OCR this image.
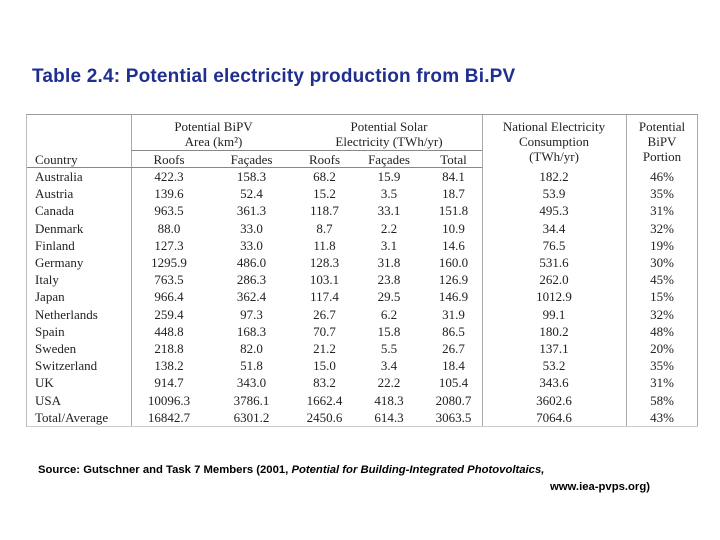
Table 2.4: Potential electricity production from Bi.PV
Potential BiPV
Area (km²)
Potential Solar
Electricity (TWh/yr)
National Electricity
Consumption
(TWh/yr)
Potential
BiPV
Portion
Country	Roofs	Façades	Roofs	Façades	Total
Australia	422.3	158.3	68.2	15.9	84.1	182.2	46%
Austria	139.6	52.4	15.2	3.5	18.7	53.9	35%
Canada	963.5	361.3	118.7	33.1	151.8	495.3	31%
Denmark	88.0	33.0	8.7	2.2	10.9	34.4	32%
Finland	127.3	33.0	11.8	3.1	14.6	76.5	19%
Germany	1295.9	486.0	128.3	31.8	160.0	531.6	30%
Italy	763.5	286.3	103.1	23.8	126.9	262.0	45%
Japan	966.4	362.4	117.4	29.5	146.9	1012.9	15%
Netherlands	259.4	97.3	26.7	6.2	31.9	99.1	32%
Spain	448.8	168.3	70.7	15.8	86.5	180.2	48%
Sweden	218.8	82.0	21.2	5.5	26.7	137.1	20%
Switzerland	138.2	51.8	15.0	3.4	18.4	53.2	35%
UK	914.7	343.0	83.2	22.2	105.4	343.6	31%
USA	10096.3	3786.1	1662.4	418.3	2080.7	3602.6	58%
Total/Average	16842.7	6301.2	2450.6	614.3	3063.5	7064.6	43%
Source: Gutschner and Task 7 Members (2001, Potential for Building-Integrated Photovoltaics,
www.iea-pvps.org)
